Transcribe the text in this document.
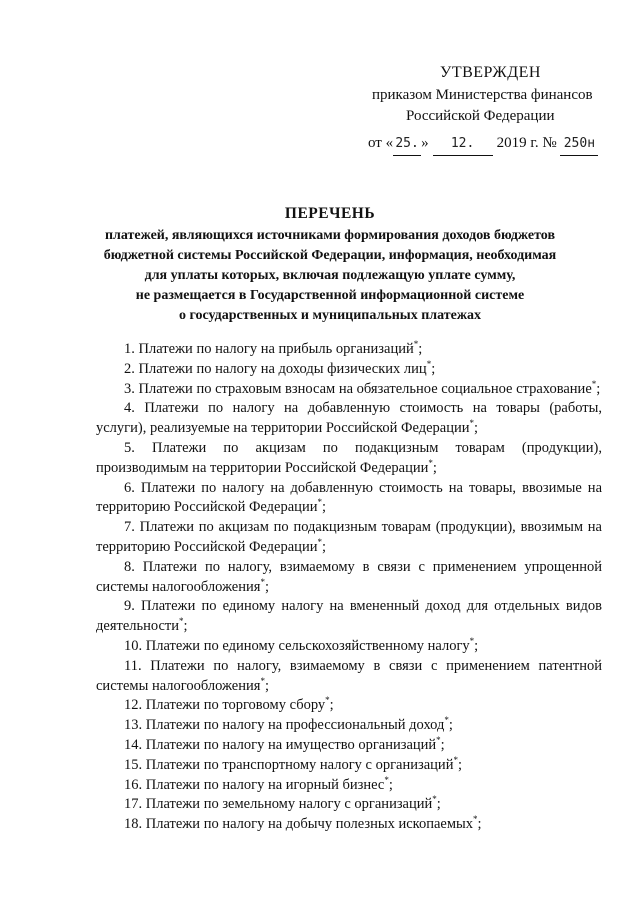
УТВЕРЖДЕН
приказом Министерства финансов
Российской Федерации
от « 25. » 12. 2019 г. № 250н
ПЕРЕЧЕНЬ
платежей, являющихся источниками формирования доходов бюджетов
бюджетной системы Российской Федерации, информация, необходимая
для уплаты которых, включая подлежащую уплате сумму,
не размещается в Государственной информационной системе
о государственных и муниципальных платежах

1. Платежи по налогу на прибыль организаций*;

2. Платежи по налогу на доходы физических лиц*;

3. Платежи по страховым взносам на обязательное социальное страхование*;

4. Платежи по налогу на добавленную стоимость на товары (работы, услуги), реализуемые на территории Российской Федерации*;

5. Платежи по акцизам по подакцизным товарам (продукции), производимым на территории Российской Федерации*;

6. Платежи по налогу на добавленную стоимость на товары, ввозимые на территорию Российской Федерации*;

7. Платежи по акцизам по подакцизным товарам (продукции), ввозимым на территорию Российской Федерации*;

8. Платежи по налогу, взимаемому в связи с применением упрощенной системы налогообложения*;

9. Платежи по единому налогу на вмененный доход для отдельных видов деятельности*;

10. Платежи по единому сельскохозяйственному налогу*;

11. Платежи по налогу, взимаемому в связи с применением патентной системы налогообложения*;

12. Платежи по торговому сбору*;

13. Платежи по налогу на профессиональный доход*;

14. Платежи по налогу на имущество организаций*;

15. Платежи по транспортному налогу с организаций*;

16. Платежи по налогу на игорный бизнес*;

17. Платежи по земельному налогу с организаций*;

18. Платежи по налогу на добычу полезных ископаемых*;
